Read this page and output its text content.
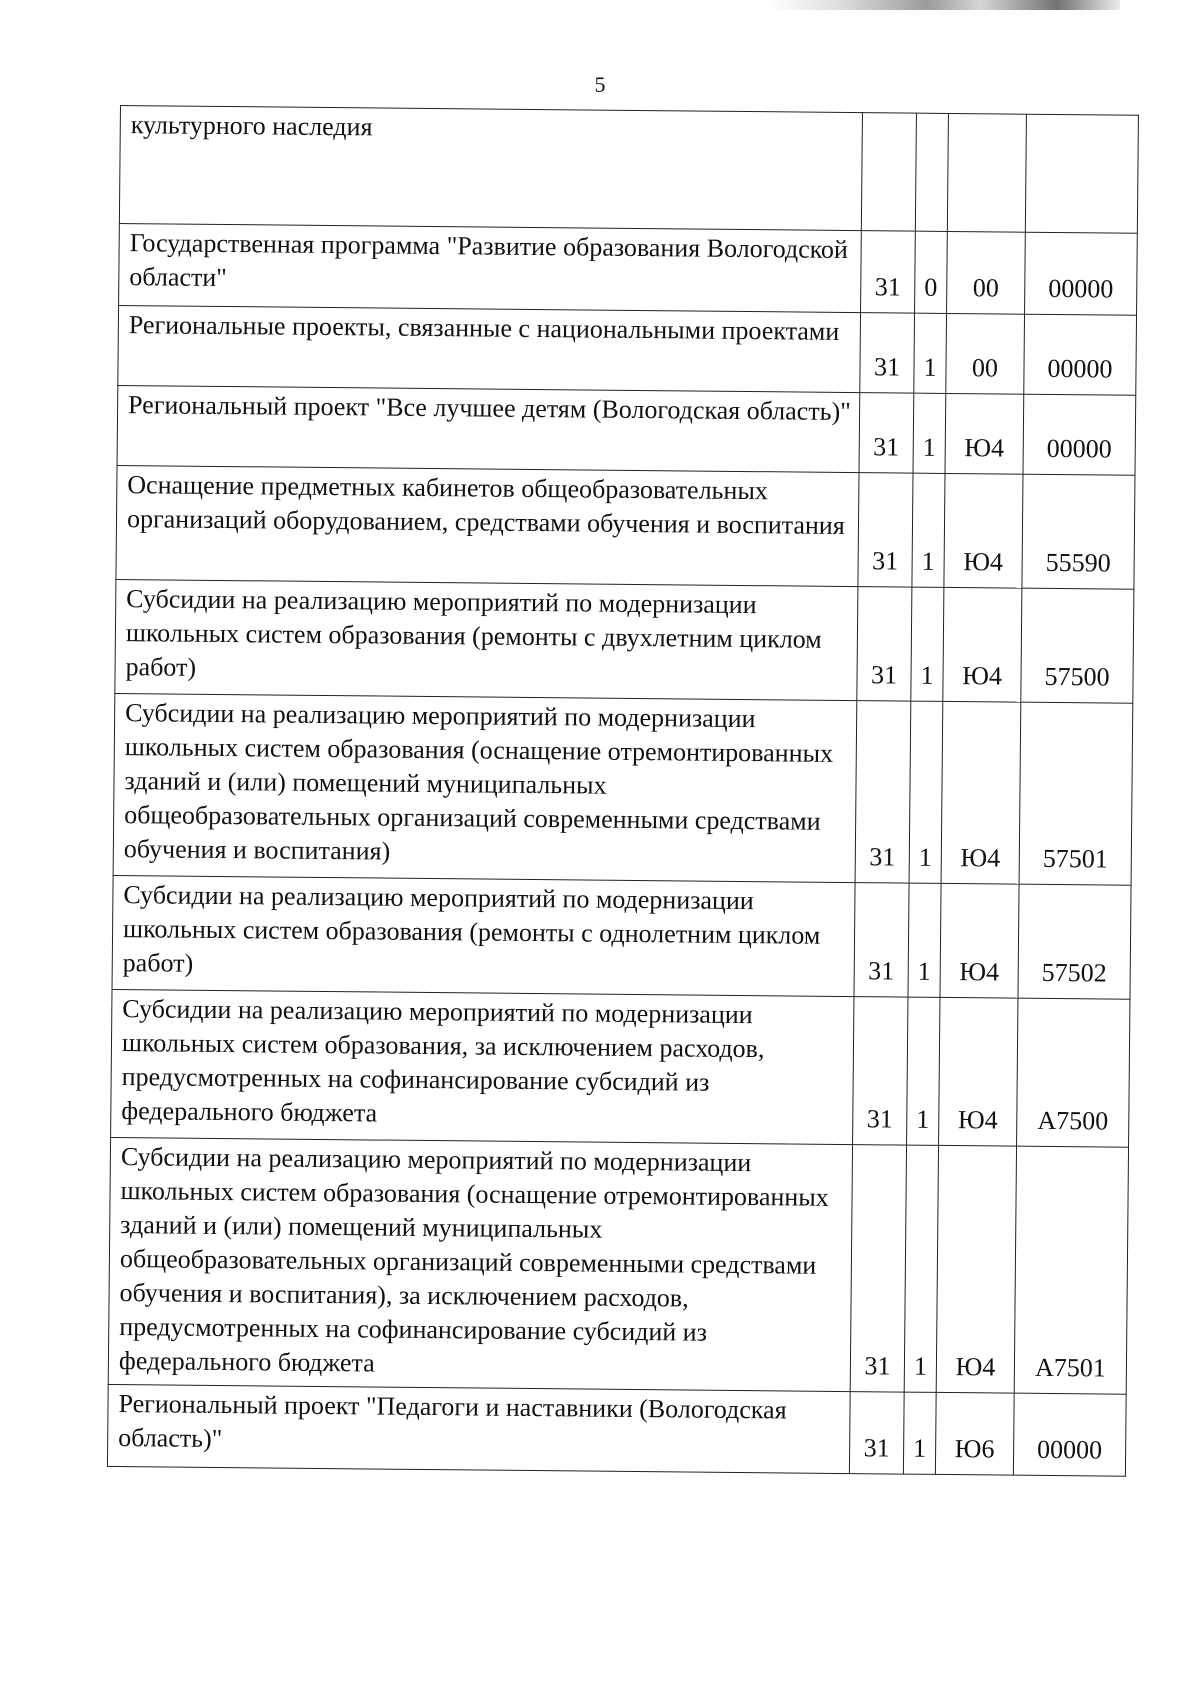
5
культурного наследия				
Государственная программа "Развитие образования Вологодской области"	31	0	00	00000
Региональные проекты, связанные с национальными проектами	31	1	00	00000
Региональный проект "Все лучшее детям (Вологодская область)"	31	1	Ю4	00000
Оснащение предметных кабинетов общеобразовательных организаций оборудованием, средствами обучения и воспитания	31	1	Ю4	55590
Субсидии на реализацию мероприятий по модернизации школьных систем образования (ремонты с двухлетним циклом работ)	31	1	Ю4	57500
Субсидии на реализацию мероприятий по модернизации школьных систем образования (оснащение отремонтированных зданий и (или) помещений муниципальных общеобразовательных организаций современными средствами обучения и воспитания)	31	1	Ю4	57501
Субсидии на реализацию мероприятий по модернизации школьных систем образования (ремонты с однолетним циклом работ)	31	1	Ю4	57502
Субсидии на реализацию мероприятий по модернизации школьных систем образования, за исключением расходов, предусмотренных на софинансирование субсидий из федерального бюджета	31	1	Ю4	А7500
Субсидии на реализацию мероприятий по модернизации школьных систем образования (оснащение отремонтированных зданий и (или) помещений муниципальных общеобразовательных организаций современными средствами обучения и воспитания), за исключением расходов, предусмотренных на софинансирование субсидий из федерального бюджета	31	1	Ю4	А7501
Региональный проект "Педагоги и наставники (Вологодская область)"	31	1	Ю6	00000
